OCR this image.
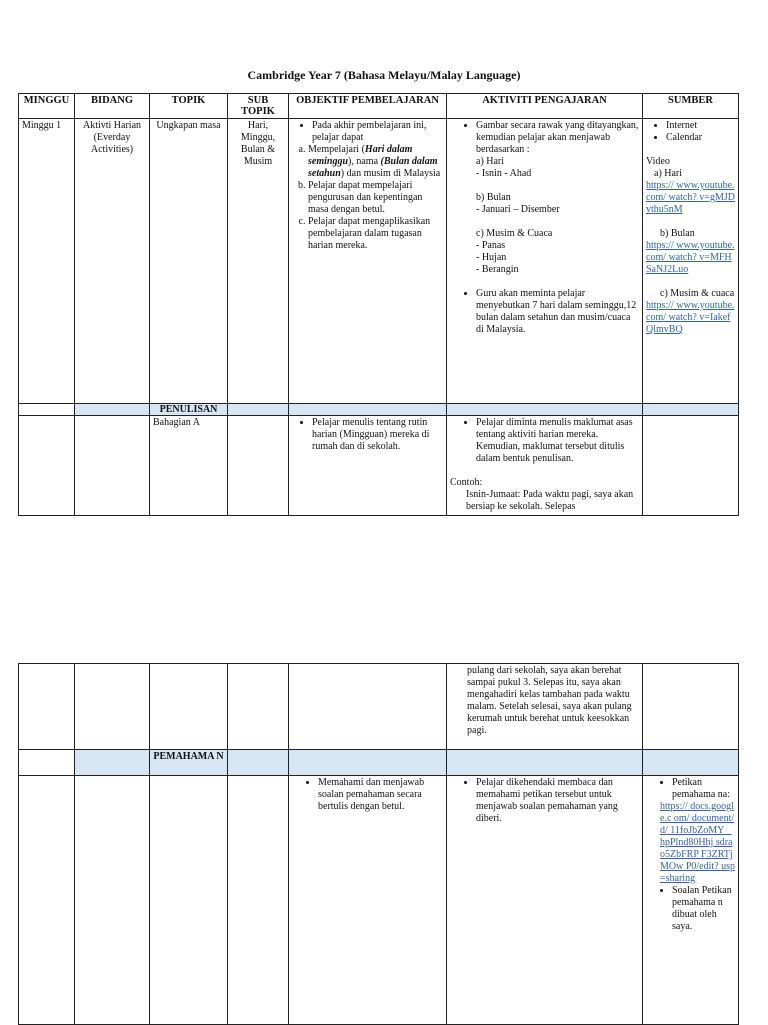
Cambridge Year 7 (Bahasa Melayu/Malay Language)
MINGGU	BIDANG	TOPIK	SUB
TOPIK
OBJEKTIF PEMBELAJARAN	AKTIVITI PENGAJARAN	SUMBER
Minggu 1	Aktivti Harian (Everday Activities)
Ungkapan masa	Hari, Minggu, Bulan & Musim
• Pada akhir pembelajaran ini, pelajar dapat
a. Mempelajari (Hari dalam seminggu), nama (Bulan dalam setahun) dan musim di Malaysia
b. Pelajar dapat mempelajari pengurusan dan kepentingan masa dengan betul.
c. Pelajar dapat mengaplikasikan pembelajaran dalam tugasan harian mereka.
• Gambar secara rawak yang ditayangkan, kemudian pelajar akan menjawab berdasarkan :
a) Hari
- Isnin - Ahad
b) Bulan
- Januari – Disember
c) Musim & Cuaca
- Panas
- Hujan
- Berangin
• Guru akan meminta pelajar menyebutkan 7 hari dalam seminggu,12 bulan dalam setahun dan musim/cuaca di Malaysia.
• Internet
• Calendar
Video
a) Hari
https:// www.youtube.com/ watch? v=gMJDvthu5nM
b) Bulan
https:// www.youtube.com/ watch? v=MFHSaNJ2Luo
c) Musim & cuaca
https:// www.youtube.com/ watch? v=IakefQlmvBQ
PENULISAN
Bahagian A
•	Pelajar menulis tentang rutin harian (Mingguan) mereka di rumah dan di sekolah.
• Pelajar diminta menulis maklumat asas tentang aktiviti harian mereka. Kemudian, maklumat tersebut ditulis dalam bentuk penulisan.
Contoh:
Isnin-Jumaat: Pada waktu pagi, saya akan bersiap ke sekolah. Selepas
pulang dari sekolah, saya akan berehat sampai pukul 3. Selepas itu, saya akan mengahadiri kelas tambahan pada waktu malam. Setelah selesai, saya akan pulang kerumah untuk berehat untuk keesokkan pagi.
PEMAHAMA N
• Memahami dan menjawab soalan pemahaman secara bertulis dengan betul.
• Pelajar dikehendaki membaca dan memahami petikan tersebut untuk menjawab soalan pemahaman yang diberi.
• Petikan pemahama na:
https:// docs.google.c om/ document/d/ 11foJbZoMY _hpPlnd80Hhj sdrao5ZbFRP F3ZRTjMOw P0/edit? usp=sharing
• Soalan Petikan pemahama n dibuat oleh saya.
